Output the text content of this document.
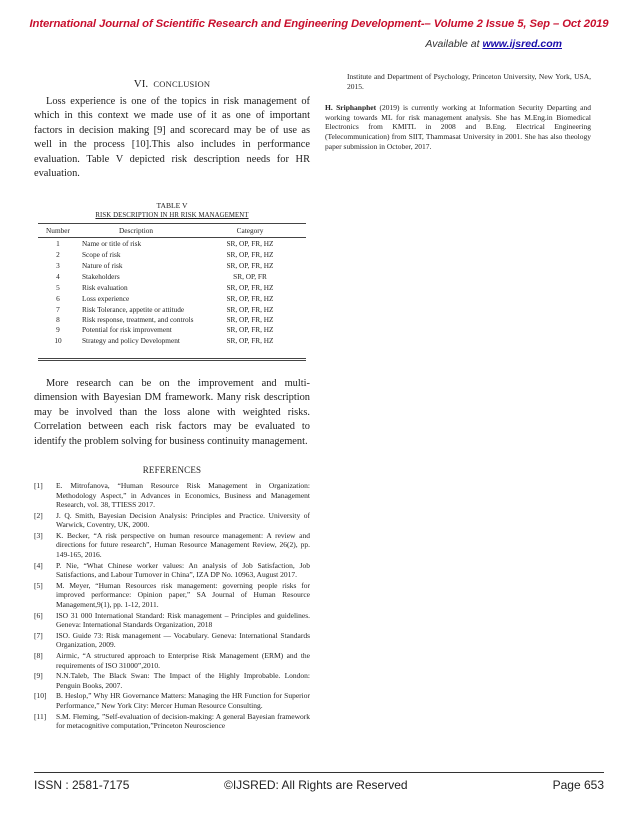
International Journal of Scientific Research and Engineering Development-– Volume 2 Issue 5, Sep – Oct 2019
Available at www.ijsred.com
VI. CONCLUSION

Loss experience is one of the topics in risk management of which in this context we made use of it as one of important factors in decision making [9] and scorecard may be of use as well in the process [10].This also includes in performance evaluation. Table V depicted risk description needs for HR evaluation.

TABLE V
RISK DESCRIPTION IN HR RISK MANAGEMENT
Number	Description	Category
1	Name or title of risk	SR, OP, FR, HZ
2	Scope of risk	SR, OP, FR, HZ
3	Nature of risk	SR, OP, FR, HZ
4	Stakeholders	SR, OP, FR
5	Risk evaluation	SR, OP, FR, HZ
6	Loss experience	SR, OP, FR, HZ
7	Risk Tolerance, appetite or attitude	SR, OP, FR, HZ
8	Risk response, treatment, and controls	SR, OP, FR, HZ
9	Potential for risk improvement	SR, OP, FR, HZ
10	Strategy and policy Development	SR, OP, FR, HZ

More research can be on the improvement and multi-dimension with Bayesian DM framework. Many risk description may be involved than the loss alone with weighted risks. Correlation between each risk factors may be evaluated to identify the problem solving for business continuity management.

REFERENCES
[1]	E. Mitrofanova, “Human Resource Risk Management in Organization: Methodology Aspect,” in Advances in Economics, Business and Management Research, vol. 38, TTIESS 2017.
[2]	J. Q. Smith, Bayesian Decision Analysis: Principles and Practice. University of Warwick, Coventry, UK, 2000.
[3]	K. Becker, “A risk perspective on human resource management: A review and directions for future research”, Human Resource Management Review, 26(2), pp. 149-165, 2016.
[4]	P. Nie, “What Chinese worker values: An analysis of Job Satisfaction, Job Satisfactions, and Labour Turnover in China”, IZA DP No. 10963, August 2017.
[5]	M. Meyer, “Human Resources risk management: governing people risks for improved performance: Opinion paper,” SA Journal of Human Resource Management,9(1), pp. 1-12, 2011.
[6]	ISO 31 000 International Standard: Risk management – Principles and guidelines. Geneva: International Standards Organization, 2018
[7]	ISO. Guide 73: Risk management — Vocabulary. Geneva: International Standards Organization, 2009.
[8]	Airmic, “A structured approach to Enterprise Risk Management (ERM) and the requirements of ISO 31000”,2010.
[9]	N.N.Taleb, The Black Swan: The Impact of the Highly Improbable. London: Penguin Books, 2007.
[10]	B. Heslop,” Why HR Governance Matters: Managing the HR Function for Superior Performance,” New York City: Mercer Human Resource Consulting.
[11]	S.M. Fleming, ”Self-evaluation of decision-making: A general Bayesian framework for metacognitive computation,”Princeton Neuroscience

Institute and Department of Psychology, Princeton University, New York, USA, 2015.

H. Sriphanphet (2019) is currently working at Information Security Departing and working towards ML for risk management analysis. She has M.Eng.in Biomedical Electronics from KMITL in 2008 and B.Eng. Electrical Engineering (Telecommunication) from SIIT, Thammasat University in 2001. She has also theology paper submission in October, 2017.

ISSN : 2581-7175	©IJSRED: All Rights are Reserved	Page 653
